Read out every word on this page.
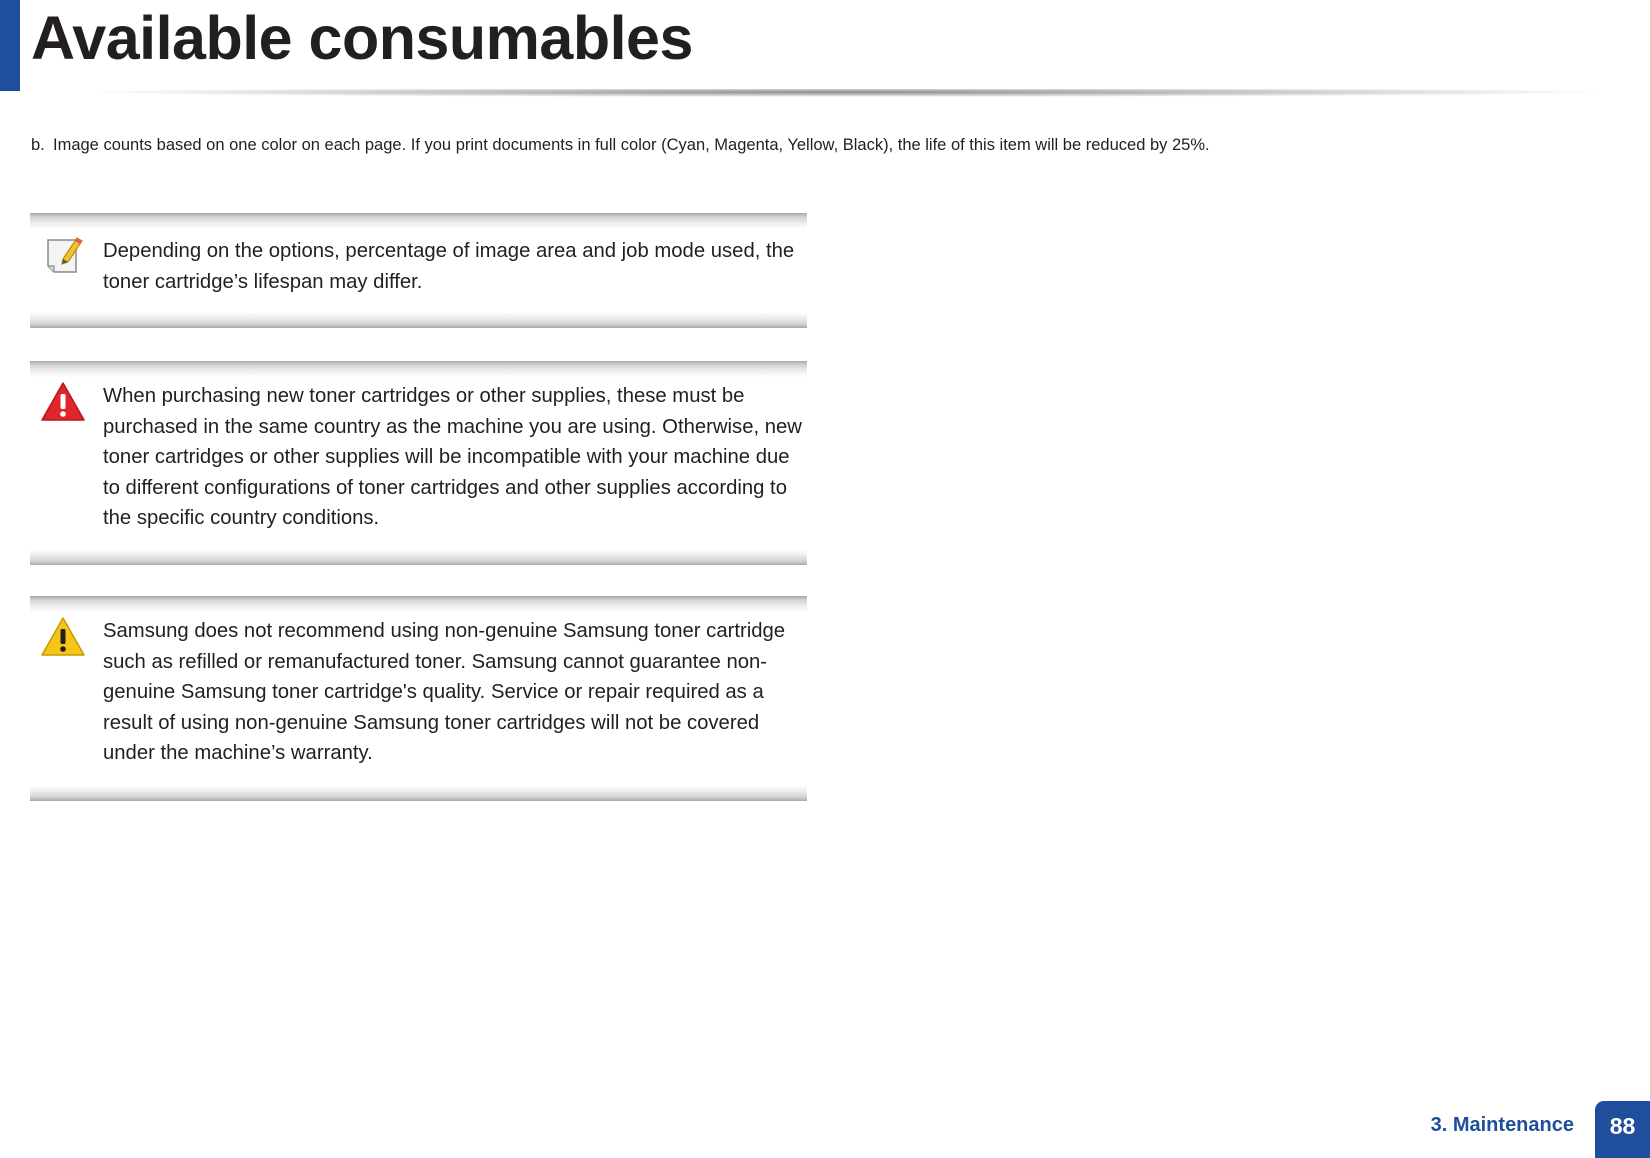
Available consumables
b. Image counts based on one color on each page. If you print documents in full color (Cyan, Magenta, Yellow, Black), the life of this item will be reduced by 25%.
Depending on the options, percentage of image area and job mode used, the toner cartridge’s lifespan may differ.
When purchasing new toner cartridges or other supplies, these must be purchased in the same country as the machine you are using. Otherwise, new toner cartridges or other supplies will be incompatible with your machine due to different configurations of toner cartridges and other supplies according to the specific country conditions.
Samsung does not recommend using non-genuine Samsung toner cartridge such as refilled or remanufactured toner. Samsung cannot guarantee non-genuine Samsung toner cartridge's quality. Service or repair required as a result of using non-genuine Samsung toner cartridges will not be covered under the machine’s warranty.
3. Maintenance	88
